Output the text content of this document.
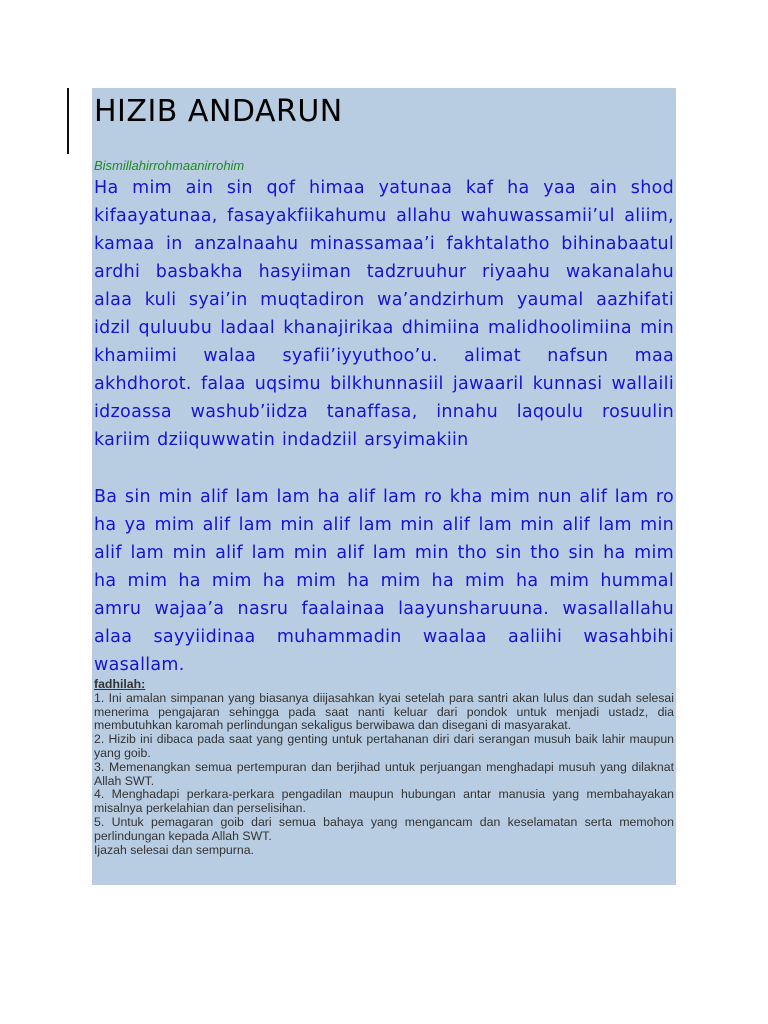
HIZIB ANDARUN

Bismillahirrohmaanirrohim

Ha mim ain sin qof himaa yatunaa kaf ha yaa ain shod kifaayatunaa, fasayakfiikahumu allahu wahuwassamii’ul aliim, kamaa in anzalnaahu minassamaa’i fakhtalatho bihinabaatul ardhi basbakha hasyiiman tadzruuhur riyaahu wakanalahu alaa kuli syai’in muqtadiron wa’andzirhum yaumal aazhifati idzil quluubu ladaal khanajirikaa dhimiina malidhoolimiina min khamiimi walaa syafii’iyyuthoo’u. alimat nafsun maa akhdhorot. falaa uqsimu bilkhunnasiil jawaaril kunnasi wallaili idzoassa washub’iidza tanaffasa, innahu laqoulu rosuulin kariim dziiquwwatin indadziil arsyimakiin

Ba sin min alif lam lam ha alif lam ro kha mim nun alif lam ro ha ya mim alif lam min alif lam min alif lam min alif lam min alif lam min alif lam min alif lam min tho sin tho sin ha mim ha mim ha mim ha mim ha mim ha mim ha mim hummal amru wajaa’a nasru faalainaa laayunsharuuna. wasallallahu alaa sayyiidinaa muhammadin waalaa aaliihi wasahbihi wasallam.

fadhilah:

1. Ini amalan simpanan yang biasanya diijasahkan kyai setelah para santri akan lulus dan sudah selesai menerima pengajaran sehingga pada saat nanti keluar dari pondok untuk menjadi ustadz, dia membutuhkan karomah perlindungan sekaligus berwibawa dan disegani di masyarakat.

2. Hizib ini dibaca pada saat yang genting untuk pertahanan diri dari serangan musuh baik lahir maupun yang goib.

3. Memenangkan semua pertempuran dan berjihad untuk perjuangan menghadapi musuh yang dilaknat Allah SWT.

4. Menghadapi perkara-perkara pengadilan maupun hubungan antar manusia yang membahayakan misalnya perkelahian dan perselisihan.

5. Untuk pemagaran goib dari semua bahaya yang mengancam dan keselamatan serta memohon perlindungan kepada Allah SWT.

Ijazah selesai dan sempurna.
